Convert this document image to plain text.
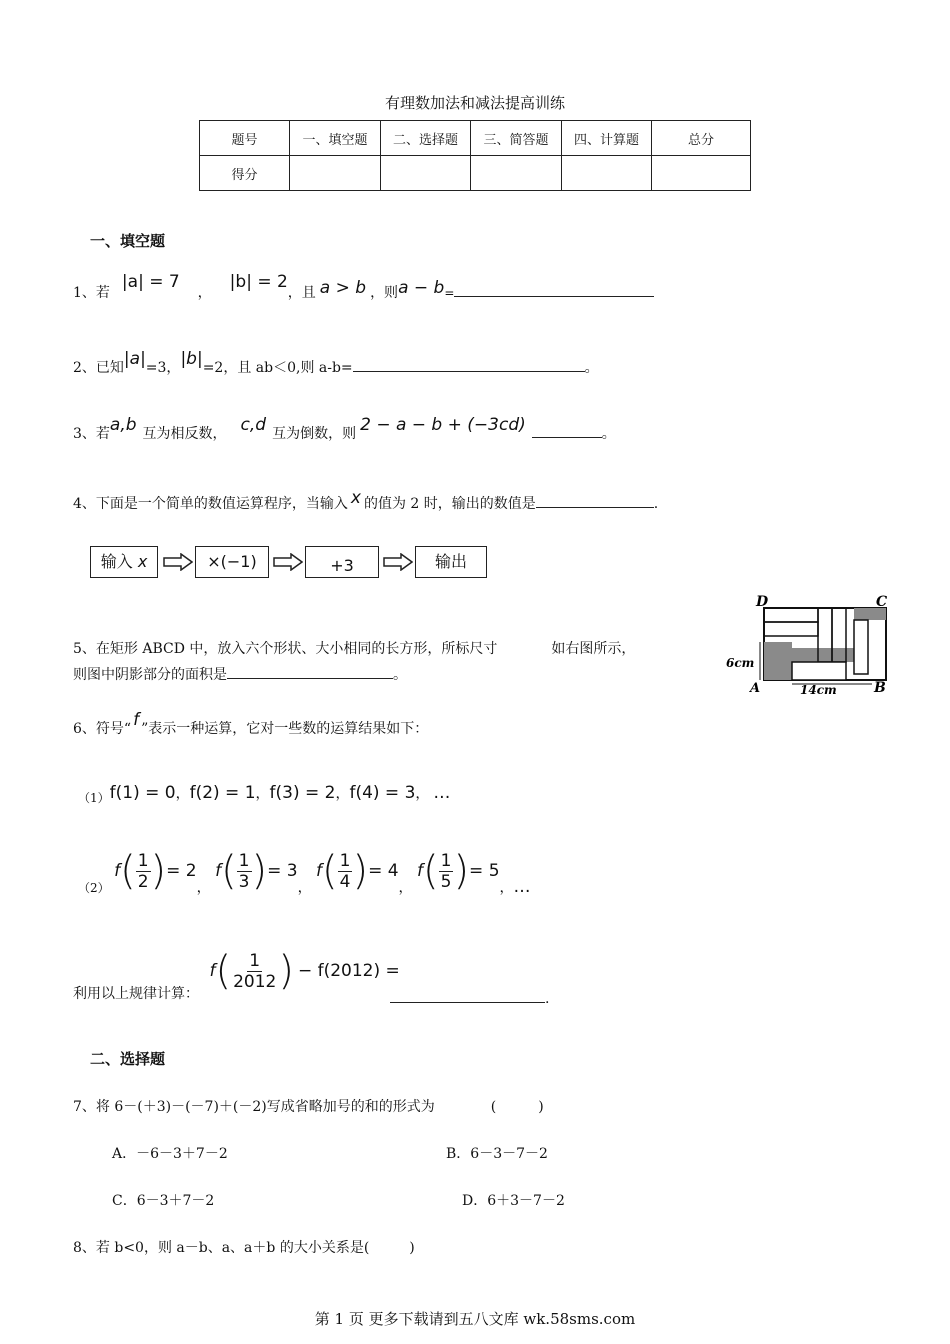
有理数加法和减法提高训练
题号	一、填空题	二、选择题	三、简答题	四、计算题	总分
得分					
一、填空题
1、若|a| = 7，|b| = 2，且 a > b ，则a − b=
2、已知|a|=3，|b|=2，且 ab＜0,则 a-b=	。
3、若a,b 互为相反数， c,d 互为倒数，则 2 − a − b + (−3cd)	。
4、下面是一个简单的数值运算程序，当输入 x 的值为 2 时，输出的数值是	.
输入 x	×(−1)	+3	输出
5、在矩形 ABCD 中，放入六个形状、大小相同的长方形，所标尺寸	如右图所示，
则图中阴影部分的面积是	。
D	C
A	B
6cm
14cm
6、符号“ f ”表示一种运算，它对一些数的运算结果如下：
（1）f(1) = 0，f(2) = 1，f(3) = 2，f(4) = 3， …
（2） $f( \frac{1}{2}$ )= 2， $f( \frac{1}{3}$ )= 3， $f( \frac{1}{4}$ )= 4， $f( \frac{1}{5}$ )= 5，…
利用以上规律计算： $f( \frac{1}{2012}$ ) − f(2012) =
.
二、选择题
7、将 6－(＋3)－(－7)＋(－2)写成省略加号的和的形式为	(　　　)
A．－6－3＋7－2	B．6－3－7－2
C．6－3＋7－2	D．6＋3－7－2
8、若 b<0，则 a－b、a、a＋b 的大小关系是(	)
第 1 页 更多下载请到五八文库 wk.58sms.com
